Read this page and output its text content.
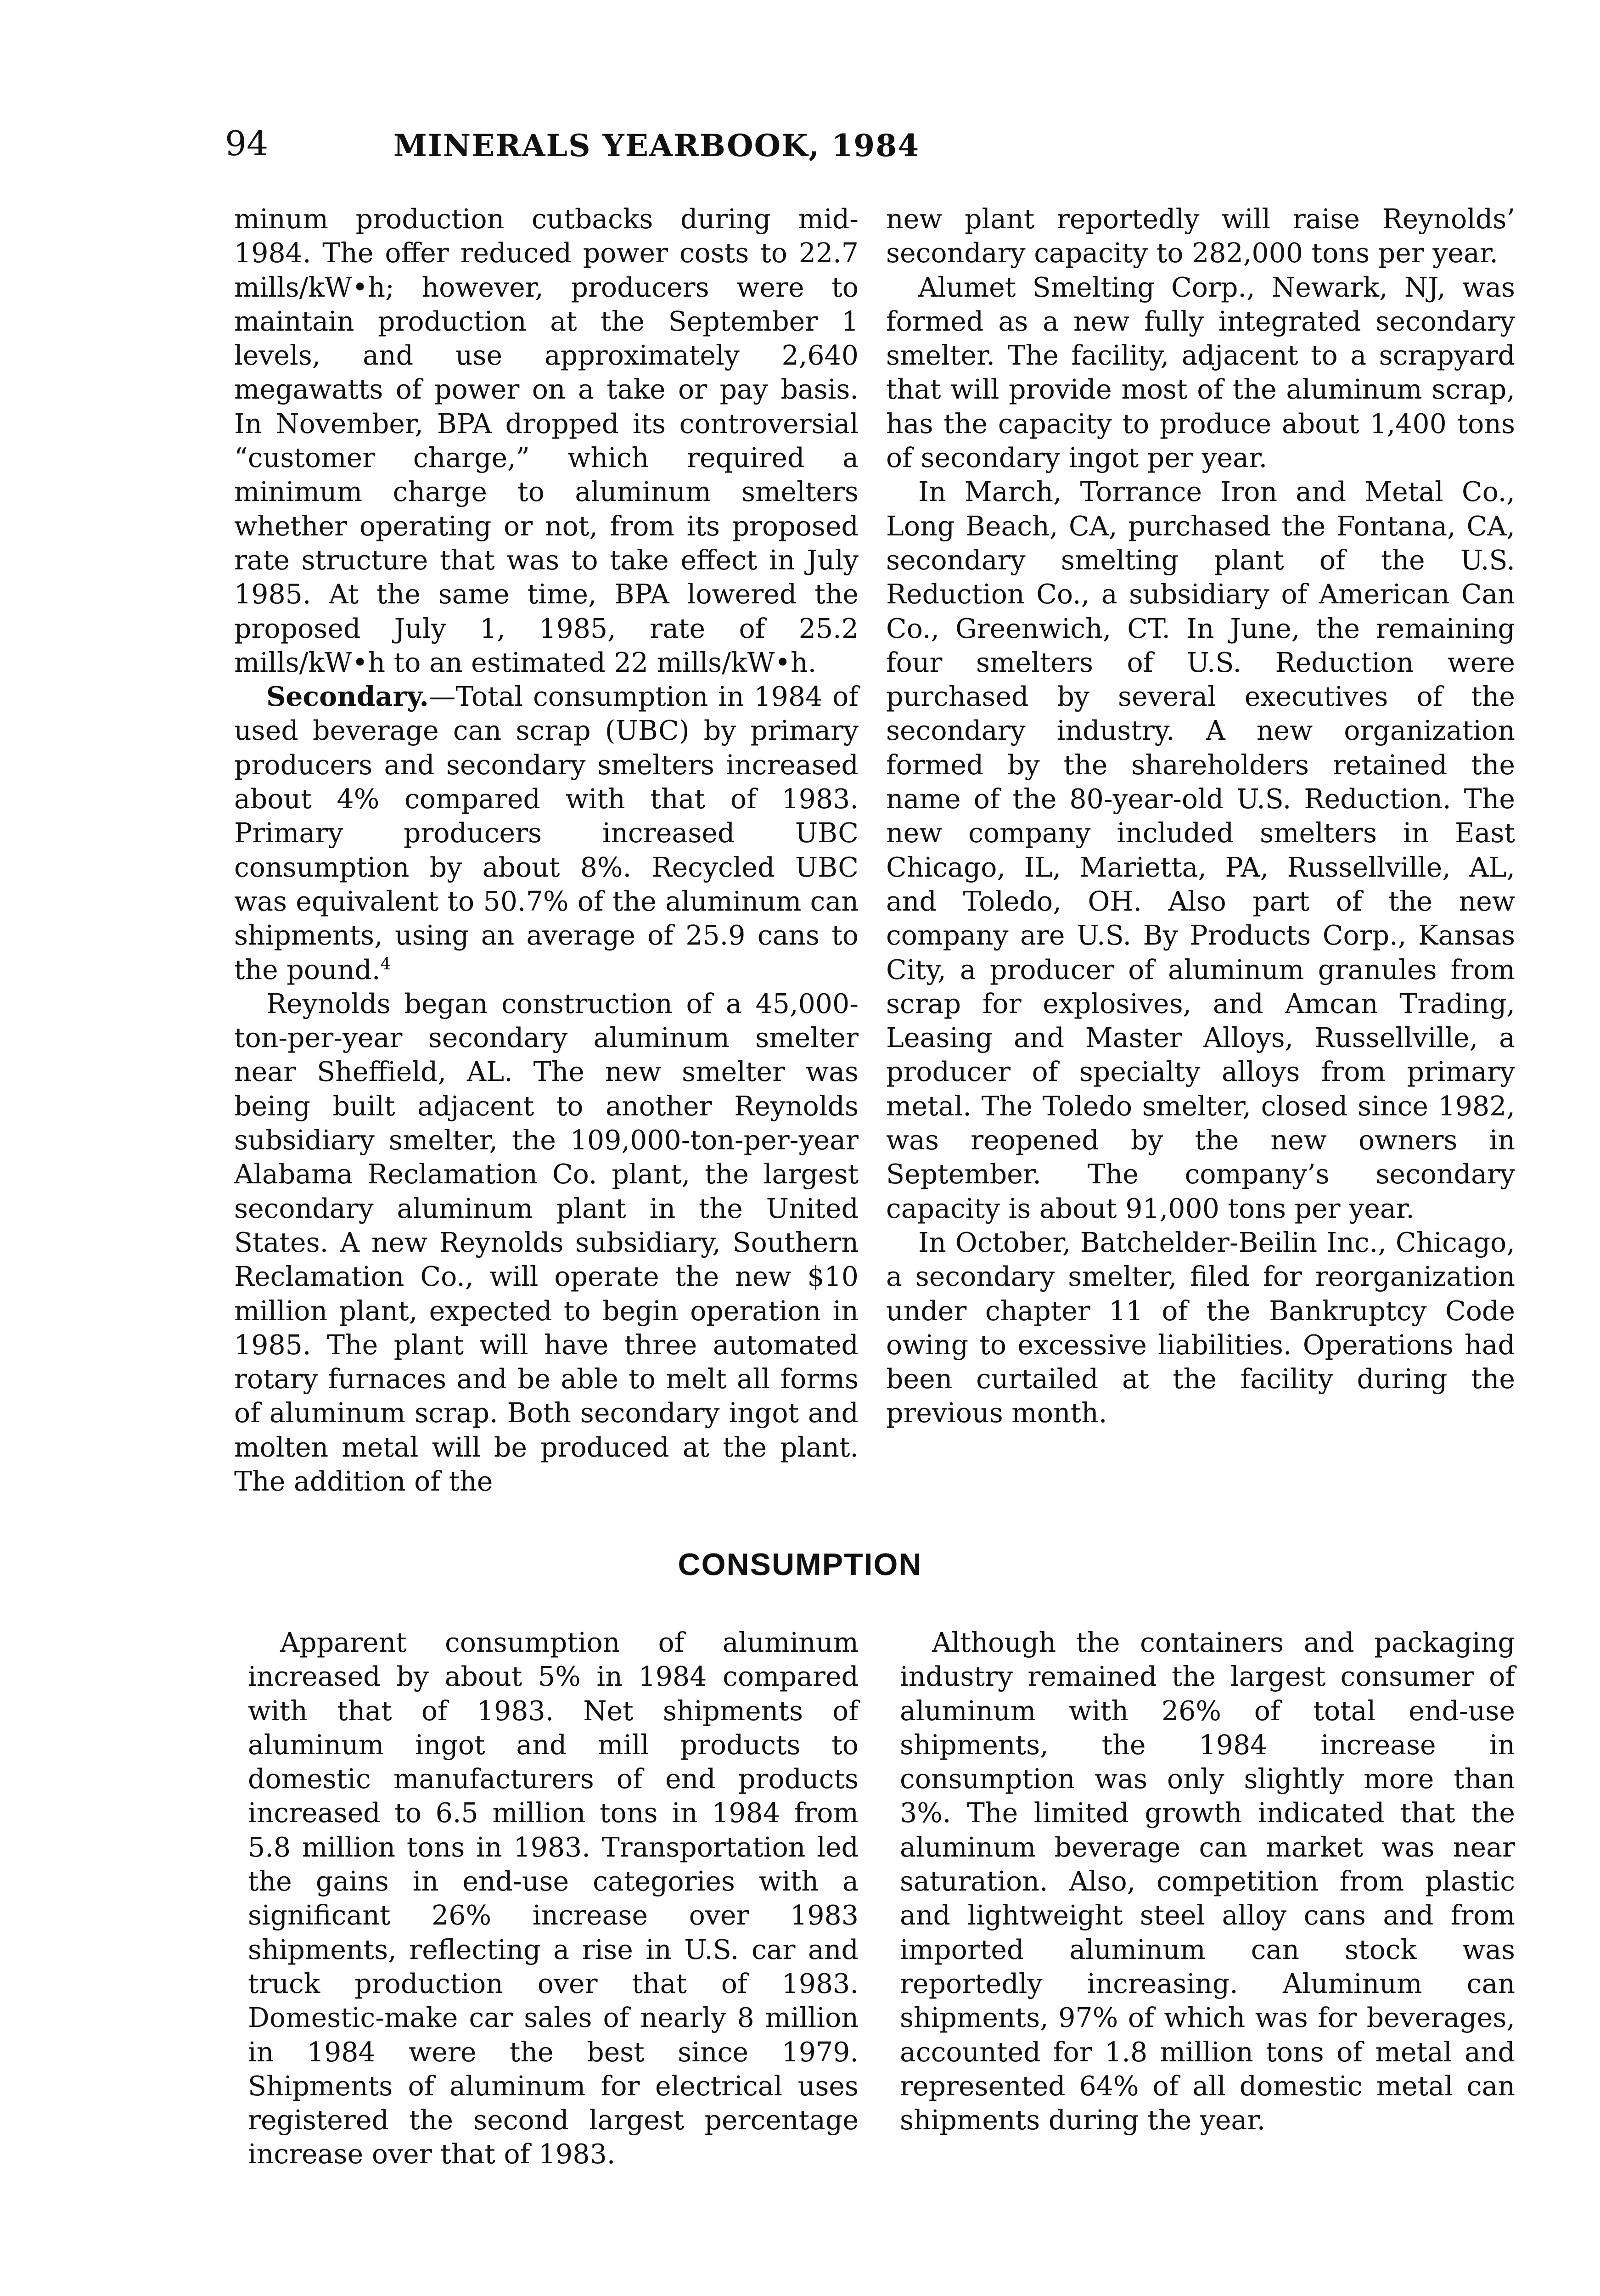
94	MINERALS YEARBOOK, 1984

minum production cutbacks during mid-1984. The offer reduced power costs to 22.7 mills/kW•h; however, producers were to maintain production at the September 1 levels, and use approximately 2,640 megawatts of power on a take or pay basis. In November, BPA dropped its controversial “customer charge,” which required a minimum charge to aluminum smelters whether operating or not, from its proposed rate structure that was to take effect in July 1985. At the same time, BPA lowered the proposed July 1, 1985, rate of 25.2 mills/kW•h to an estimated 22 mills/kW•h.

Secondary.—Total consumption in 1984 of used beverage can scrap (UBC) by primary producers and secondary smelters increased about 4% compared with that of 1983. Primary producers increased UBC consumption by about 8%. Recycled UBC was equivalent to 50.7% of the aluminum can shipments, using an average of 25.9 cans to the pound.$^4$

Reynolds began construction of a 45,000-ton-per-year secondary aluminum smelter near Sheffield, AL. The new smelter was being built adjacent to another Reynolds subsidiary smelter, the 109,000-ton-per-year Alabama Reclamation Co. plant, the largest secondary aluminum plant in the United States. A new Reynolds subsidiary, Southern Reclamation Co., will operate the new $10 million plant, expected to begin operation in 1985. The plant will have three automated rotary furnaces and be able to melt all forms of aluminum scrap. Both secondary ingot and molten metal will be produced at the plant. The addition of the

new plant reportedly will raise Reynolds’ secondary capacity to 282,000 tons per year.

Alumet Smelting Corp., Newark, NJ, was formed as a new fully integrated secondary smelter. The facility, adjacent to a scrapyard that will provide most of the aluminum scrap, has the capacity to produce about 1,400 tons of secondary ingot per year.

In March, Torrance Iron and Metal Co., Long Beach, CA, purchased the Fontana, CA, secondary smelting plant of the U.S. Reduction Co., a subsidiary of American Can Co., Greenwich, CT. In June, the remaining four smelters of U.S. Reduction were purchased by several executives of the secondary industry. A new organization formed by the shareholders retained the name of the 80-year-old U.S. Reduction. The new company included smelters in East Chicago, IL, Marietta, PA, Russellville, AL, and Toledo, OH. Also part of the new company are U.S. By Products Corp., Kansas City, a producer of aluminum granules from scrap for explosives, and Amcan Trading, Leasing and Master Alloys, Russellville, a producer of specialty alloys from primary metal. The Toledo smelter, closed since 1982, was reopened by the new owners in September. The company’s secondary capacity is about 91,000 tons per year.

In October, Batchelder-Beilin Inc., Chicago, a secondary smelter, filed for reorganization under chapter 11 of the Bankruptcy Code owing to excessive liabilities. Operations had been curtailed at the facility during the previous month.

CONSUMPTION

Apparent consumption of aluminum increased by about 5% in 1984 compared with that of 1983. Net shipments of aluminum ingot and mill products to domestic manufacturers of end products increased to 6.5 million tons in 1984 from 5.8 million tons in 1983. Transportation led the gains in end-use categories with a significant 26% increase over 1983 shipments, reflecting a rise in U.S. car and truck production over that of 1983. Domestic-make car sales of nearly 8 million in 1984 were the best since 1979. Shipments of aluminum for electrical uses registered the second largest percentage increase over that of 1983.

Although the containers and packaging industry remained the largest consumer of aluminum with 26% of total end-use shipments, the 1984 increase in consumption was only slightly more than 3%. The limited growth indicated that the aluminum beverage can market was near saturation. Also, competition from plastic and lightweight steel alloy cans and from imported aluminum can stock was reportedly increasing. Aluminum can shipments, 97% of which was for beverages, accounted for 1.8 million tons of metal and represented 64% of all domestic metal can shipments during the year.
